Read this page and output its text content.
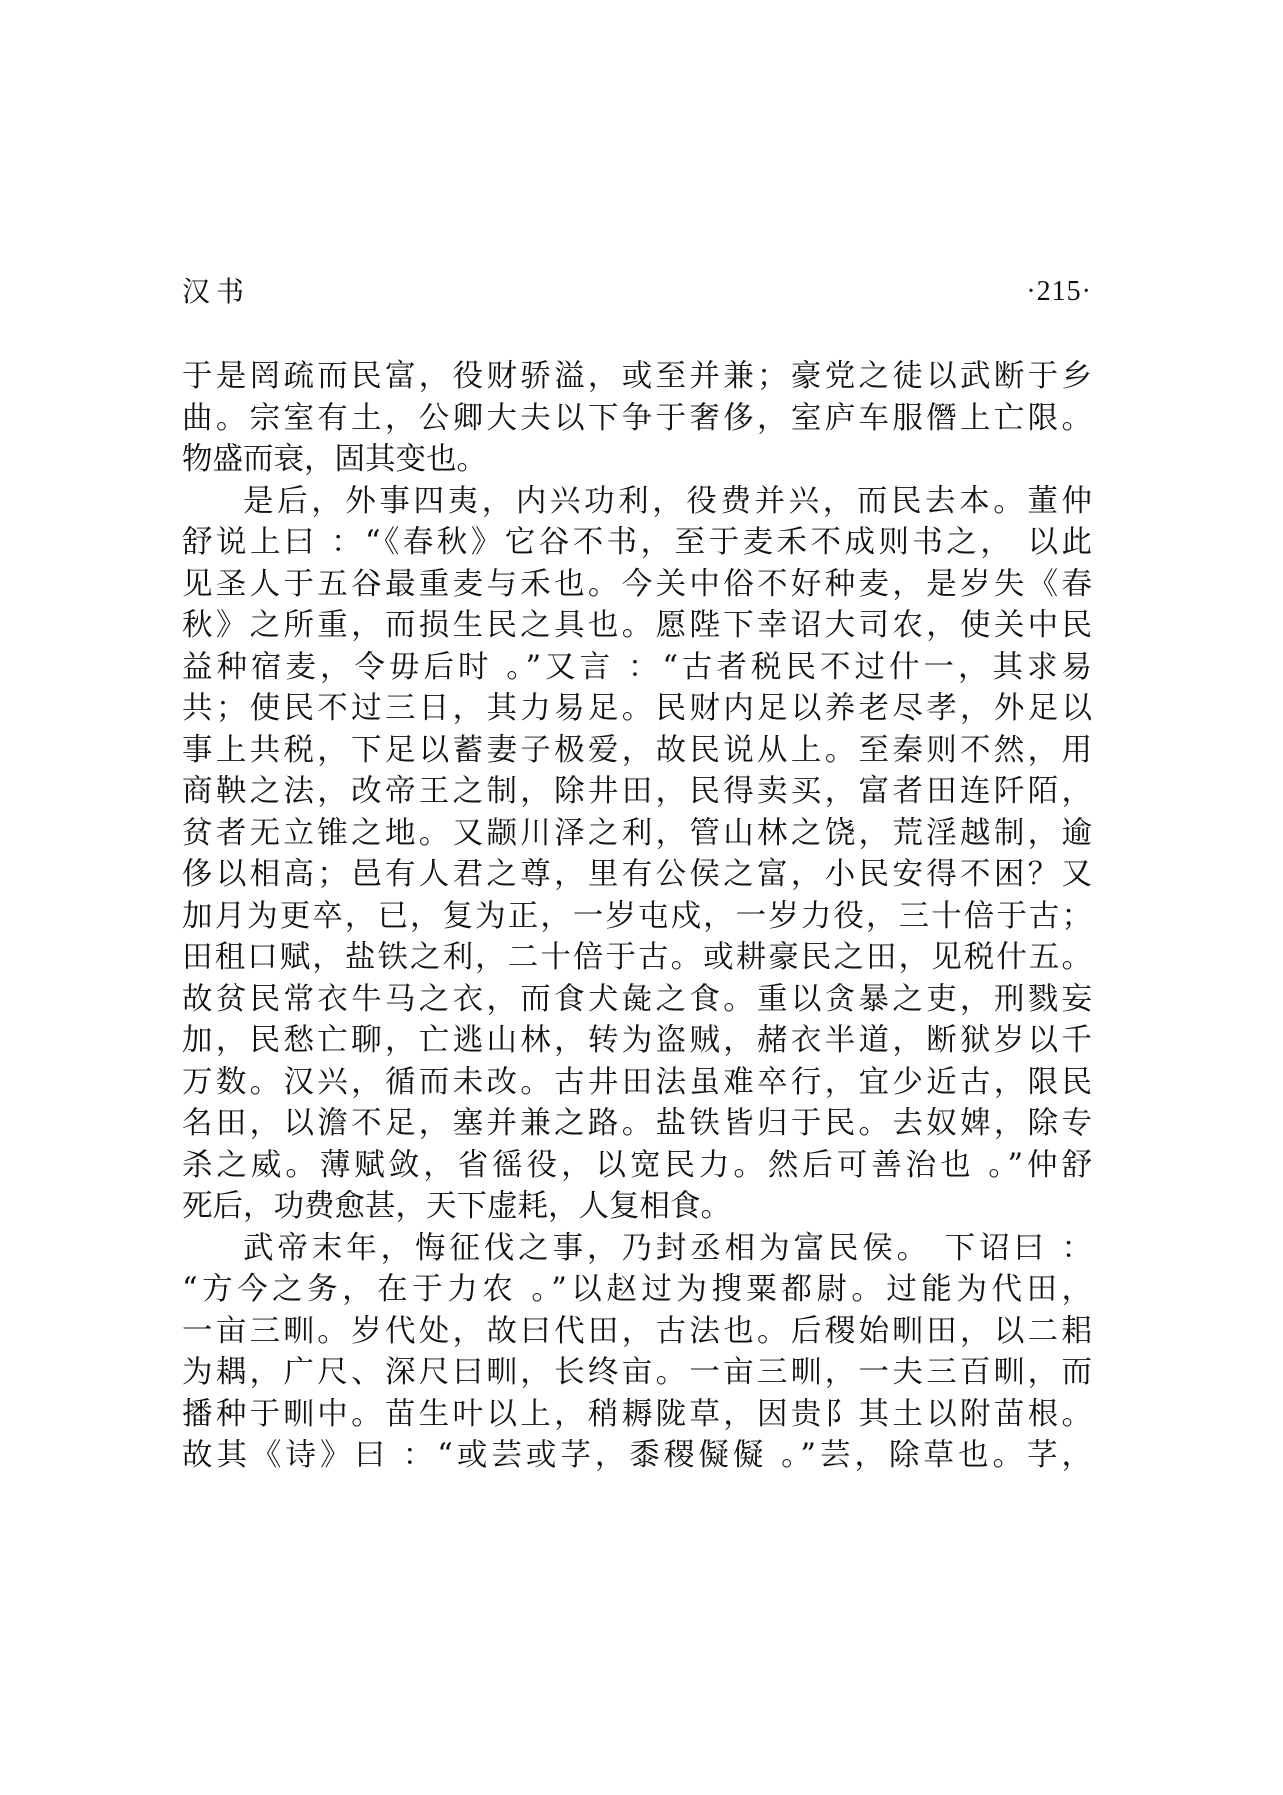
汉书	·215·
于是罔疏而民富，役财骄溢，或至并兼；豪党之徒以武断于乡
曲。宗室有土，公卿大夫以下争于奢侈，室庐车服僭上亡限。
物盛而衰，固其变也。
是后，外事四夷，内兴功利，役费并兴，而民去本。董仲
舒说上曰 ：“《春秋》它谷不书，至于麦禾不成则书之， 以此
见圣人于五谷最重麦与禾也。今关中俗不好种麦，是岁失《春
秋》之所重，而损生民之具也。愿陛下幸诏大司农，使关中民
益种宿麦，令毋后时 。”又言 ：“古者税民不过什一，其求易
共；使民不过三日，其力易足。民财内足以养老尽孝，外足以
事上共税，下足以蓄妻子极爱，故民说从上。至秦则不然，用
商鞅之法，改帝王之制，除井田，民得卖买，富者田连阡陌，
贫者无立锥之地。又颛川泽之利，管山林之饶，荒淫越制，逾
侈以相高；邑有人君之尊，里有公侯之富，小民安得不困？又
加月为更卒，已，复为正，一岁屯戍，一岁力役，三十倍于古；
田租口赋，盐铁之利，二十倍于古。或耕豪民之田，见税什五。
故贫民常衣牛马之衣，而食犬彘之食。重以贪暴之吏，刑戮妄
加，民愁亡聊，亡逃山林，转为盗贼，赭衣半道，断狱岁以千
万数。汉兴，循而未改。古井田法虽难卒行，宜少近古，限民
名田，以澹不足，塞并兼之路。盐铁皆归于民。去奴婢，除专
杀之威。薄赋敛，省徭役，以宽民力。然后可善治也 。”仲舒
死后，功费愈甚，天下虚耗，人复相食。
武帝末年，悔征伐之事，乃封丞相为富民侯。 下诏曰 ：
“方今之务，在于力农 。”以赵过为搜粟都尉。过能为代田，
一亩三甽。岁代处，故曰代田，古法也。后稷始甽田，以二耜
为耦，广尺、深尺曰甽，长终亩。一亩三甽，一夫三百甽，而
播种于甽中。苗生叶以上，稍耨陇草，因贵阝其土以附苗根。
故其《诗》曰 ：“或芸或芓，黍稷儗儗 。”芸，除草也。芓，
